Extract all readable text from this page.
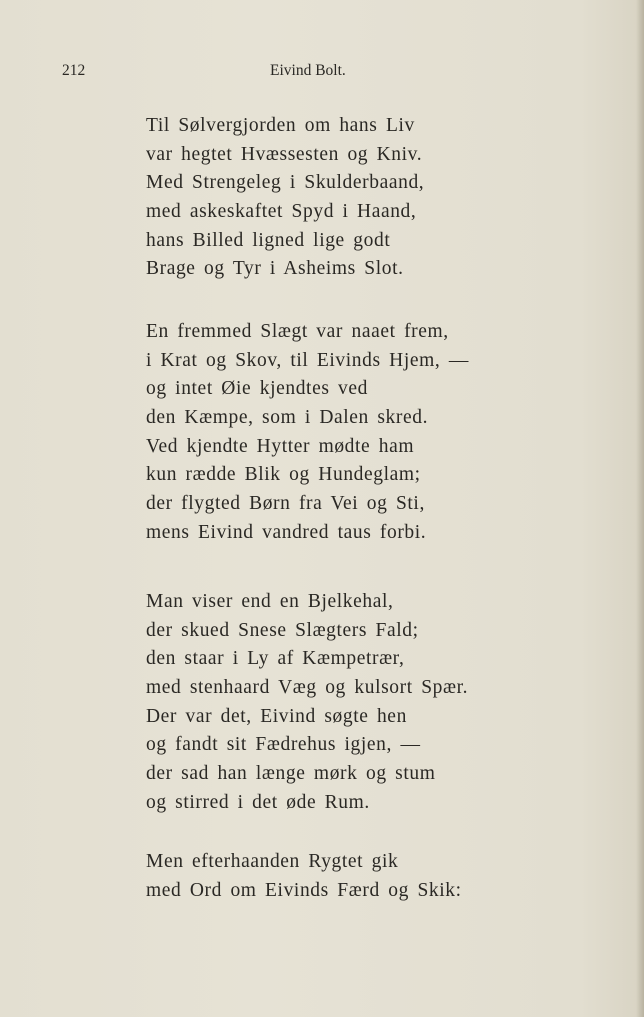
212	Eivind Bolt.
Til Sølvergjorden om hans Liv
var hegtet Hvæssesten og Kniv.
Med Strengeleg i Skulderbaand,
med askeskaftet Spyd i Haand,
hans Billed ligned lige godt
Brage og Tyr i Asheims Slot.
En fremmed Slægt var naaet frem,
i Krat og Skov, til Eivinds Hjem, —
og intet Øie kjendtes ved
den Kæmpe, som i Dalen skred.
Ved kjendte Hytter mødte ham
kun rædde Blik og Hundeglam;
der flygted Børn fra Vei og Sti,
mens Eivind vandred taus forbi.
Man viser end en Bjelkehal,
der skued Snese Slægters Fald;
den staar i Ly af Kæmpetrær,
med stenhaard Væg og kulsort Spær.
Der var det, Eivind søgte hen
og fandt sit Fædrehus igjen, —
der sad han længe mørk og stum
og stirred i det øde Rum.
Men efterhaanden Rygtet gik
med Ord om Eivinds Færd og Skik:
